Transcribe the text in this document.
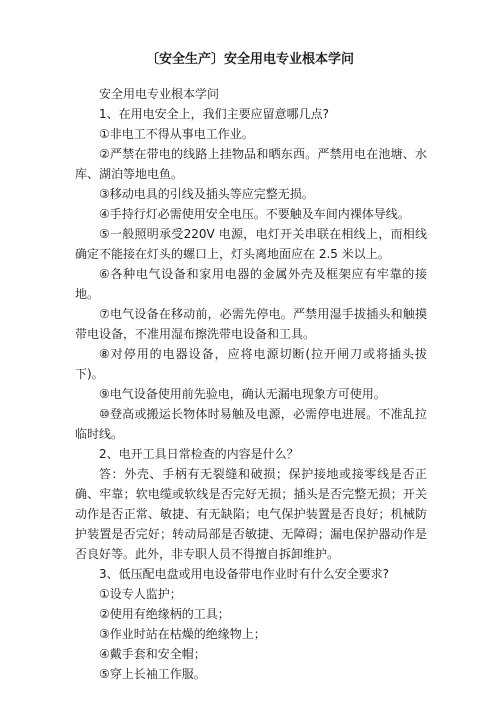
〔安全生产〕安全用电专业根本学问

安全用电专业根本学问

1、在用电安全上，我们主要应留意哪几点?

①非电工不得从事电工作业。

②严禁在带电的线路上挂物品和晒东西。严禁用电在池塘、水库、湖泊等地电鱼。

③移动电具的引线及插头等应完整无损。

④手持行灯必需使用安全电压。不要触及车间内裸体导线。

⑤一般照明承受220V 电源，电灯开关串联在相线上，而相线确定不能接在灯头的螺口上，灯头离地面应在 2.5 米以上。

⑥各种电气设备和家用电器的金属外壳及框架应有牢靠的接地。

⑦电气设备在移动前，必需先停电。严禁用湿手拔插头和触摸带电设备，不准用湿布擦洗带电设备和工具。

⑧对停用的电器设备，应将电源切断(拉开闸刀或将插头拔下)。

⑨电气设备使用前先验电，确认无漏电现象方可使用。

⑩登高或搬运长物体时易触及电源，必需停电进展。不准乱拉临时线。

2、电开工具日常检查的内容是什么？

答：外壳、手柄有无裂缝和破损；保护接地或接零线是否正确、牢靠；软电缆或软线是否完好无损；插头是否完整无损；开关动作是否正常、敏捷、有无缺陷；电气保护装置是否良好；机械防护装置是否完好；转动局部是否敏捷、无障碍；漏电保护器动作是否良好等。此外，非专职人员不得擅自拆卸维护。

3、低压配电盘或用电设备带电作业时有什么安全要求?

①设专人监护；

②使用有绝缘柄的工具；

③作业时站在枯燥的绝缘物上；

④戴手套和安全帽；

⑤穿上长袖工作服。
